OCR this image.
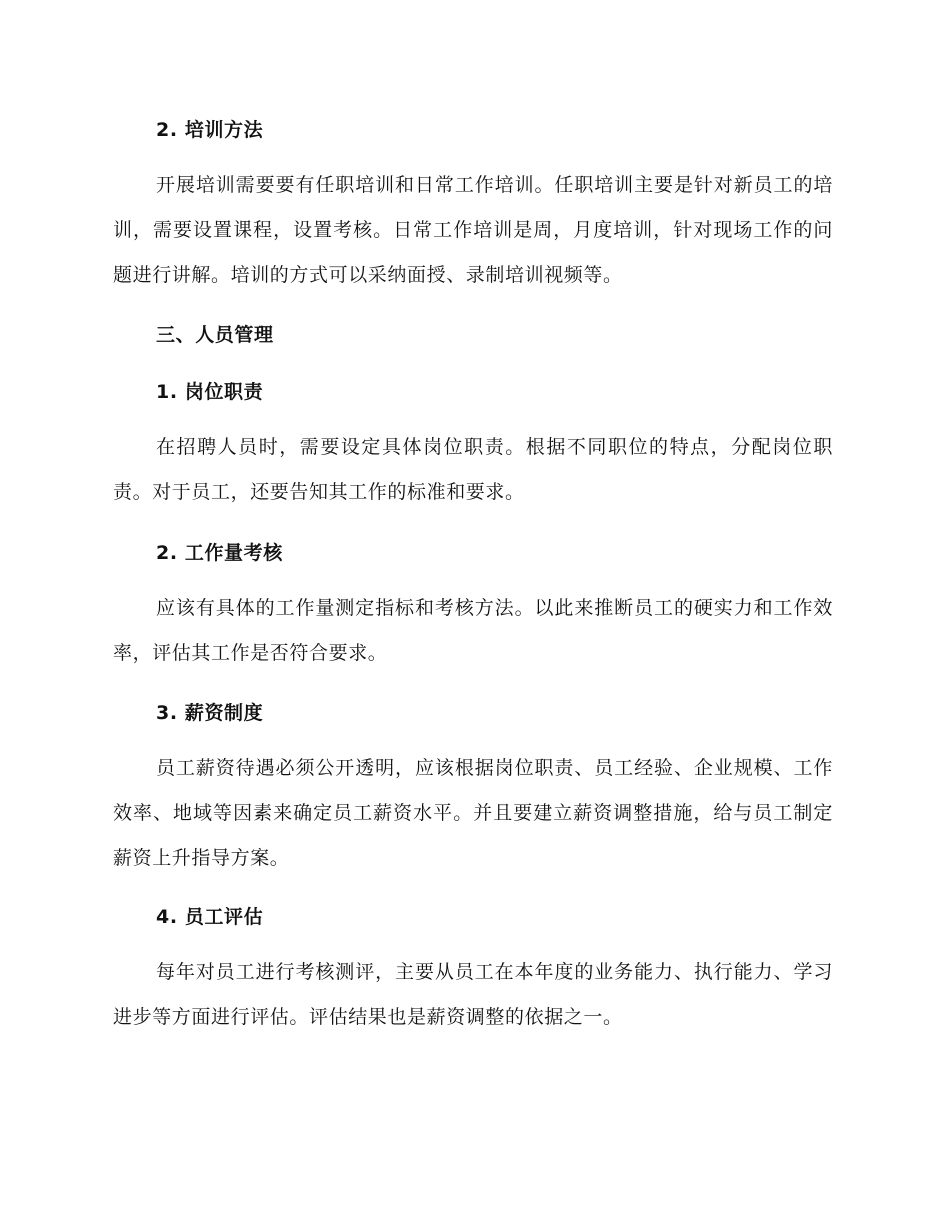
2. 培训方法

开展培训需要要有任职培训和日常工作培训。任职培训主要是针对新员工的培训，需要设置课程，设置考核。日常工作培训是周，月度培训，针对现场工作的问题进行讲解。培训的方式可以采纳面授、录制培训视频等。

三、人员管理
1. 岗位职责

在招聘人员时，需要设定具体岗位职责。根据不同职位的特点，分配岗位职责。对于员工，还要告知其工作的标准和要求。

2. 工作量考核

应该有具体的工作量测定指标和考核方法。以此来推断员工的硬实力和工作效率，评估其工作是否符合要求。

3. 薪资制度

员工薪资待遇必须公开透明，应该根据岗位职责、员工经验、企业规模、工作效率、地域等因素来确定员工薪资水平。并且要建立薪资调整措施，给与员工制定薪资上升指导方案。

4. 员工评估

每年对员工进行考核测评，主要从员工在本年度的业务能力、执行能力、学习进步等方面进行评估。评估结果也是薪资调整的依据之一。
